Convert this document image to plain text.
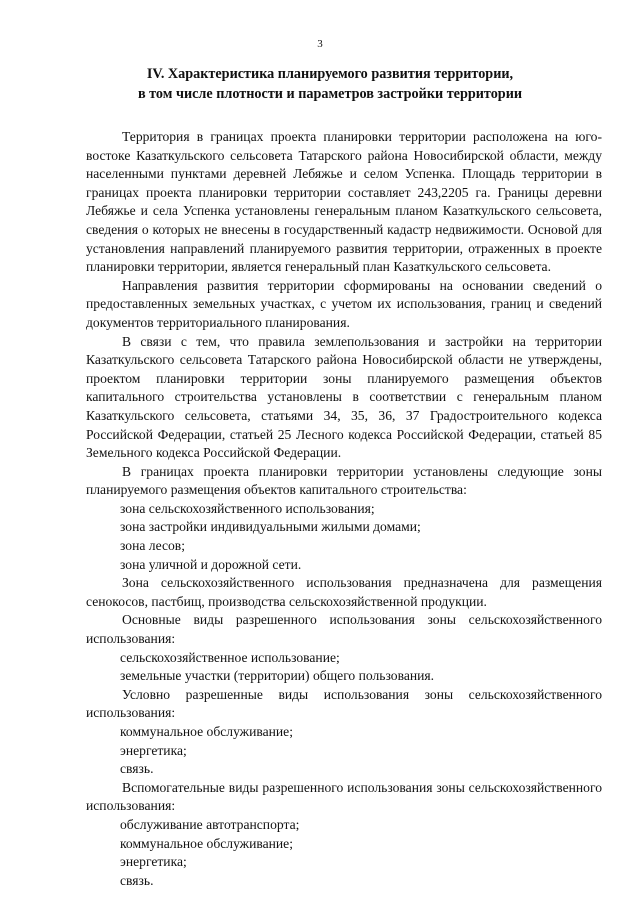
3
IV. Характеристика планируемого развития территории,
в том числе плотности и параметров застройки территории

Территория в границах проекта планировки территории расположена на юго-востоке Казаткульского сельсовета Татарского района Новосибирской области, между населенными пунктами деревней Лебяжье и селом Успенка. Площадь территории в границах проекта планировки территории составляет 243,2205 га. Границы деревни Лебяжье и села Успенка установлены генеральным планом Казаткульского сельсовета, сведения о которых не внесены в государственный кадастр недвижимости. Основой для установления направлений планируемого развития территории, отраженных в проекте планировки территории, является генеральный план Казаткульского сельсовета.

Направления развития территории сформированы на основании сведений о предоставленных земельных участках, с учетом их использования, границ и сведений документов территориального планирования.

В связи с тем, что правила землепользования и застройки на территории Казаткульского сельсовета Татарского района Новосибирской области не утверждены, проектом планировки территории зоны планируемого размещения объектов капитального строительства установлены в соответствии с генеральным планом Казаткульского сельсовета, статьями 34, 35, 36, 37 Градостроительного кодекса Российской Федерации, статьей 25 Лесного кодекса Российской Федерации, статьей 85 Земельного кодекса Российской Федерации.

В границах проекта планировки территории установлены следующие зоны планируемого размещения объектов капитального строительства:

зона сельскохозяйственного использования;

зона застройки индивидуальными жилыми домами;

зона лесов;

зона уличной и дорожной сети.

Зона сельскохозяйственного использования предназначена для размещения сенокосов, пастбищ, производства сельскохозяйственной продукции.

Основные виды разрешенного использования зоны сельскохозяйственного использования:

сельскохозяйственное использование;

земельные участки (территории) общего пользования.

Условно разрешенные виды использования зоны сельскохозяйственного использования:

коммунальное обслуживание;

энергетика;

связь.

Вспомогательные виды разрешенного использования зоны сельскохозяйственного использования:

обслуживание автотранспорта;

коммунальное обслуживание;

энергетика;

связь.
